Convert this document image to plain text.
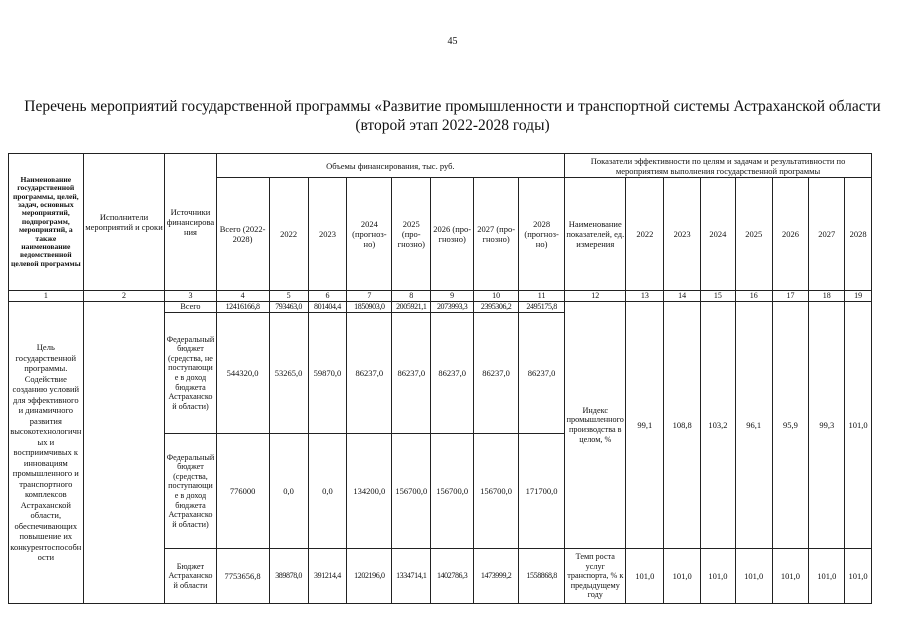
45
Перечень мероприятий государственной программы «Развитие промышленности и транспортной системы Астраханской области
(второй этап 2022-2028 годы)
Наименование государственной программы, целей, задач, основных мероприятий, подпрограмм, мероприятий, а также наименование ведомственной целевой программы	Исполнители мероприятий и сроки	Источники финансирования	Объемы финансирования, тыс. руб.								Показатели эффективности по целям и задачам и результативности по мероприятиям выполнения государственной программы							
			Всего (2022-2028)	2022	2023	2024 (прогноз-но)	2025 (про-гнозно)	2026 (про-гнозно)	2027 (про-гнозно)	2028 (прогноз-но)	Наименование показателей, ед. измерения	2022	2023	2024	2025	2026	2027	2028
1	2	3	4	5	6	7	8	9	10	11	12	13	14	15	16	17	18	19
Цель государственной программы. Содействие созданию условий для эффективного и динамичного развития высокотехнологичных и восприимчивых к инновациям промышленного и транспортного комплексов Астраханской области, обеспечивающих повышение их конкурентоспособности		Всего	12416166,8	793463,0	801404,4	1850903,0	2005921,1	2073993,3	2395306,2	2495175,8	Индекс промышленного производства в целом, %	99,1	108,8	103,2	96,1	95,9	99,3	101,0
		Федеральный бюджет (средства, не поступающие в доход бюджета Астраханской области)	544320,0	53265,0	59870,0	86237,0	86237,0	86237,0	86237,0	86237,0								
		Федеральный бюджет (средства, поступающие в доход бюджета Астраханской области)	776000	0,0	0,0	134200,0	156700,0	156700,0	156700,0	171700,0								
		Бюджет Астраханской области	7753656,8	389878,0	391214,4	1202196,0	1334714,1	1402786,3	1473999,2	1558868,8	Темп роста услуг транспорта, % к предыдущему году	101,0	101,0	101,0	101,0	101,0	101,0	101,0
